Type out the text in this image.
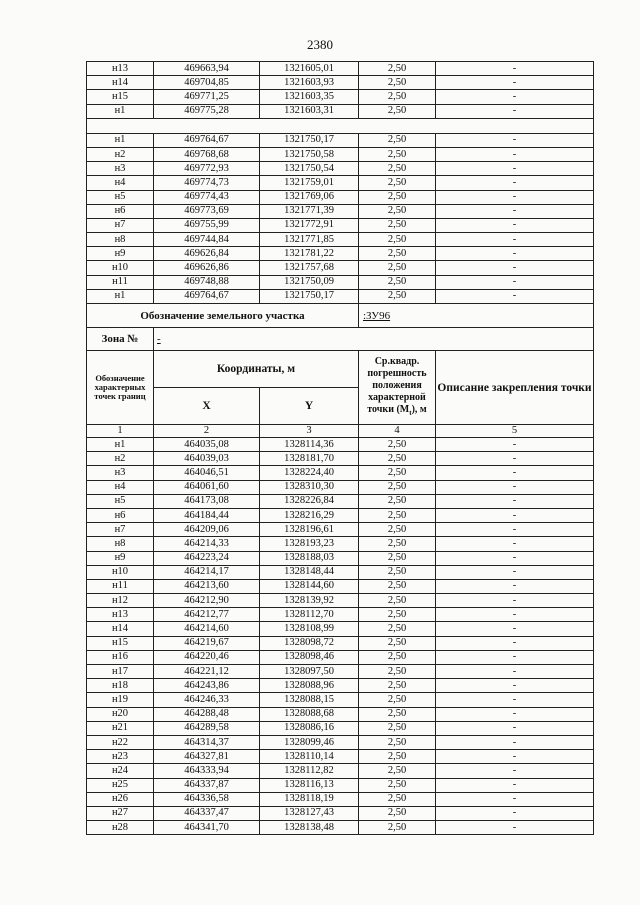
2380
н13	469663,94	1321605,01	2,50	-
н14	469704,85	1321603,93	2,50	-
н15	469771,25	1321603,35	2,50	-
н1	469775,28	1321603,31	2,50	-

н1	469764,67	1321750,17	2,50	-
н2	469768,68	1321750,58	2,50	-
н3	469772,93	1321750,54	2,50	-
н4	469774,73	1321759,01	2,50	-
н5	469774,43	1321769,06	2,50	-
н6	469773,69	1321771,39	2,50	-
н7	469755,99	1321772,91	2,50	-
н8	469744,84	1321771,85	2,50	-
н9	469626,84	1321781,22	2,50	-
н10	469626,86	1321757,68	2,50	-
н11	469748,88	1321750,09	2,50	-
н1	469764,67	1321750,17	2,50	-
Обозначение земельного участка			:ЗУ96	
Зона №	-			
Обозначение характерных точек границ	Координаты, м		Ср.квадр. погрешность положения характерной точки $(M_t)$, м	Описание закрепления точки
	X	Y		
1	2	3	4	5
н1	464035,08	1328114,36	2,50	-
н2	464039,03	1328181,70	2,50	-
н3	464046,51	1328224,40	2,50	-
н4	464061,60	1328310,30	2,50	-
н5	464173,08	1328226,84	2,50	-
н6	464184,44	1328216,29	2,50	-
н7	464209,06	1328196,61	2,50	-
н8	464214,33	1328193,23	2,50	-
н9	464223,24	1328188,03	2,50	-
н10	464214,17	1328148,44	2,50	-
н11	464213,60	1328144,60	2,50	-
н12	464212,90	1328139,92	2,50	-
н13	464212,77	1328112,70	2,50	-
н14	464214,60	1328108,99	2,50	-
н15	464219,67	1328098,72	2,50	-
н16	464220,46	1328098,46	2,50	-
н17	464221,12	1328097,50	2,50	-
н18	464243,86	1328088,96	2,50	-
н19	464246,33	1328088,15	2,50	-
н20	464288,48	1328088,68	2,50	-
н21	464289,58	1328086,16	2,50	-
н22	464314,37	1328099,46	2,50	-
н23	464327,81	1328110,14	2,50	-
н24	464333,94	1328112,82	2,50	-
н25	464337,87	1328116,13	2,50	-
н26	464336,58	1328118,19	2,50	-
н27	464337,47	1328127,43	2,50	-
н28	464341,70	1328138,48	2,50	-
